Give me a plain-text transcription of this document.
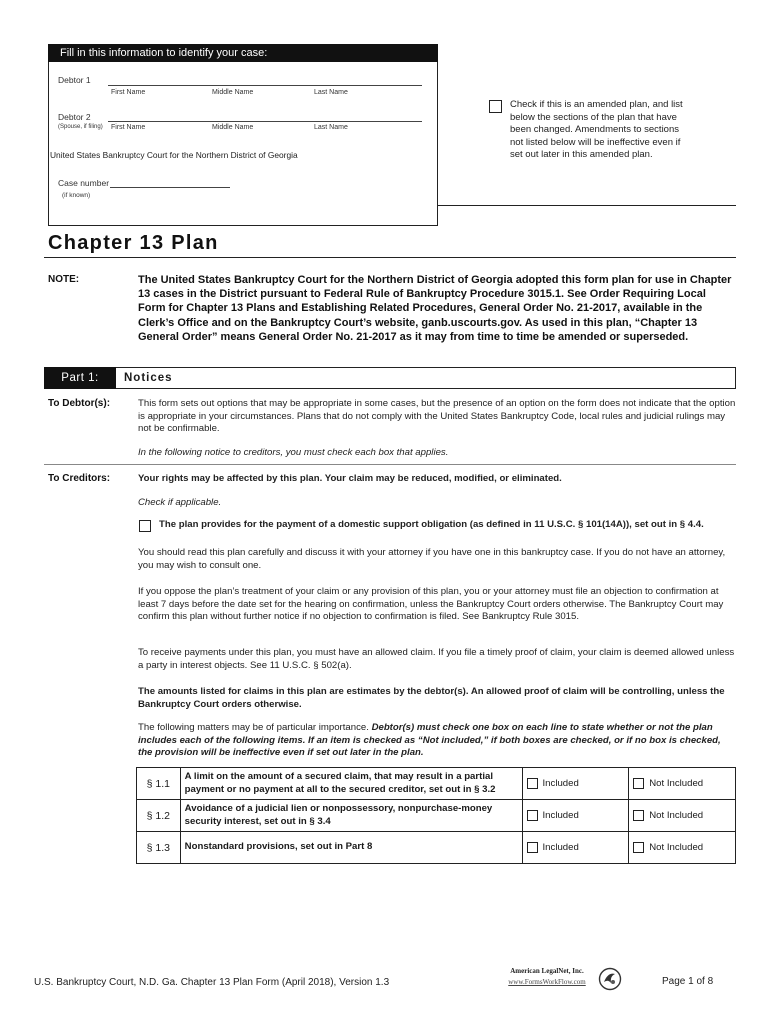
Fill in this information to identify your case:
Debtor 1
First Name	Middle Name	Last Name
Debtor 2
(Spouse, if filing) First Name	Middle Name	Last Name
United States Bankruptcy Court for the Northern District of Georgia
Case number
(if known)
Check if this is an amended plan, and list below the sections of the plan that have been changed. Amendments to sections not listed below will be ineffective even if set out later in this amended plan.
Chapter 13 Plan
NOTE:	The United States Bankruptcy Court for the Northern District of Georgia adopted this form plan for use in Chapter 13 cases in the District pursuant to Federal Rule of Bankruptcy Procedure 3015.1. See Order Requiring Local Form for Chapter 13 Plans and Establishing Related Procedures, General Order No. 21-2017, available in the Clerk’s Office and on the Bankruptcy Court’s website, ganb.uscourts.gov. As used in this plan, “Chapter 13 General Order” means General Order No. 21-2017 as it may from time to time be amended or superseded.
Part 1:	Notices
To Debtor(s):	This form sets out options that may be appropriate in some cases, but the presence of an option on the form does not indicate that the option is appropriate in your circumstances. Plans that do not comply with the United States Bankruptcy Code, local rules and judicial rulings may not be confirmable.
In the following notice to creditors, you must check each box that applies.
To Creditors:	Your rights may be affected by this plan. Your claim may be reduced, modified, or eliminated.
Check if applicable.
The plan provides for the payment of a domestic support obligation (as defined in 11 U.S.C. § 101(14A)), set out in § 4.4.
You should read this plan carefully and discuss it with your attorney if you have one in this bankruptcy case. If you do not have an attorney, you may wish to consult one.
If you oppose the plan’s treatment of your claim or any provision of this plan, you or your attorney must file an objection to confirmation at least 7 days before the date set for the hearing on confirmation, unless the Bankruptcy Court orders otherwise. The Bankruptcy Court may confirm this plan without further notice if no objection to confirmation is filed. See Bankruptcy Rule 3015.
To receive payments under this plan, you must have an allowed claim. If you file a timely proof of claim, your claim is deemed allowed unless a party in interest objects. See 11 U.S.C. § 502(a).
The amounts listed for claims in this plan are estimates by the debtor(s). An allowed proof of claim will be controlling, unless the Bankruptcy Court orders otherwise.
The following matters may be of particular importance. Debtor(s) must check one box on each line to state whether or not the plan includes each of the following items. If an item is checked as “Not included,” if both boxes are checked, or if no box is checked, the provision will be ineffective even if set out later in the plan.
§ 1.1	A limit on the amount of a secured claim, that may result in a partial payment or no payment at all to the secured creditor, set out in § 3.2	Included	Not Included
§ 1.2	Avoidance of a judicial lien or nonpossessory, nonpurchase-money security interest, set out in § 3.4	Included	Not Included
§ 1.3	Nonstandard provisions, set out in Part 8	Included	Not Included
U.S. Bankruptcy Court, N.D. Ga. Chapter 13 Plan Form (April 2018), Version 1.3
American LegalNet, Inc.
www.FormsWorkFlow.com	Page 1 of 8
